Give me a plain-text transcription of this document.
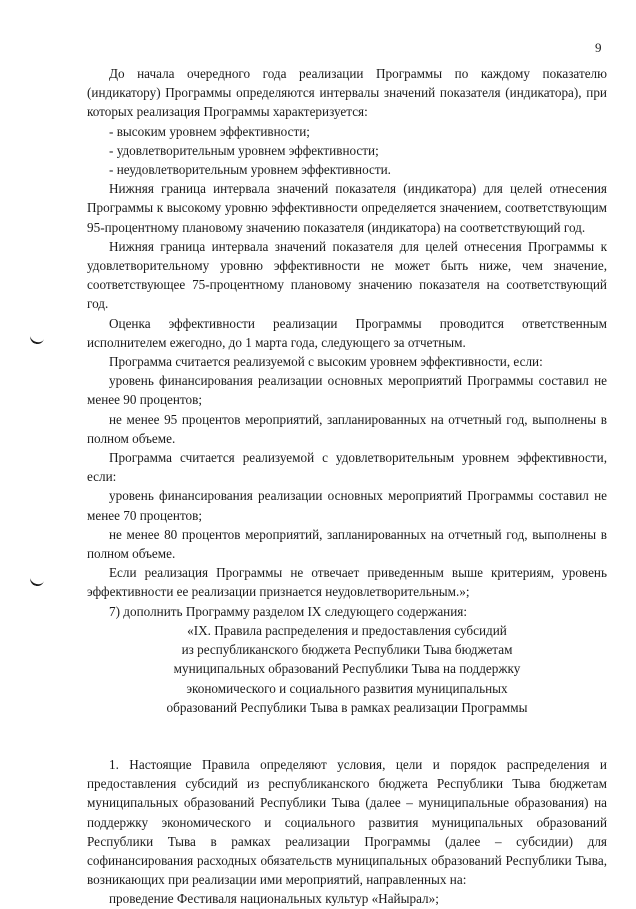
9

До начала очередного года реализации Программы по каждому показателю (индикатору) Программы определяются интервалы значений показателя (индикатора), при которых реализация Программы характеризуется:

- высоким уровнем эффективности;

- удовлетворительным уровнем эффективности;

- неудовлетворительным уровнем эффективности.

Нижняя граница интервала значений показателя (индикатора) для целей отнесения Программы к высокому уровню эффективности определяется значением, соответствующим 95-процентному плановому значению показателя (индикатора) на соответствующий год.

Нижняя граница интервала значений показателя для целей отнесения Программы к удовлетворительному уровню эффективности не может быть ниже, чем значение, соответствующее 75-процентному плановому значению показателя на соответствующий год.

Оценка эффективности реализации Программы проводится ответственным исполнителем ежегодно, до 1 марта года, следующего за отчетным.

Программа считается реализуемой с высоким уровнем эффективности, если:

уровень финансирования реализации основных мероприятий Программы составил не менее 90 процентов;

не менее 95 процентов мероприятий, запланированных на отчетный год, выполнены в полном объеме.

Программа считается реализуемой с удовлетворительным уровнем эффективности, если:

уровень финансирования реализации основных мероприятий Программы составил не менее 70 процентов;

не менее 80 процентов мероприятий, запланированных на отчетный год, выполнены в полном объеме.

Если реализация Программы не отвечает приведенным выше критериям, уровень эффективности ее реализации признается неудовлетворительным.»;

7) дополнить Программу разделом IX следующего содержания:

«IX. Правила распределения и предоставления субсидий
из республиканского бюджета Республики Тыва бюджетам
муниципальных образований Республики Тыва на поддержку
экономического и социального развития муниципальных
образований Республики Тыва в рамках реализации Программы

1. Настоящие Правила определяют условия, цели и порядок распределения и предоставления субсидий из республиканского бюджета Республики Тыва бюджетам муниципальных образований Республики Тыва (далее – муниципальные образования) на поддержку экономического и социального развития муниципальных образований Республики Тыва в рамках реализации Программы (далее – субсидии) для софинансирования расходных обязательств муниципальных образований Республики Тыва, возникающих при реализации ими мероприятий, направленных на:

проведение Фестиваля национальных культур «Найырал»;
